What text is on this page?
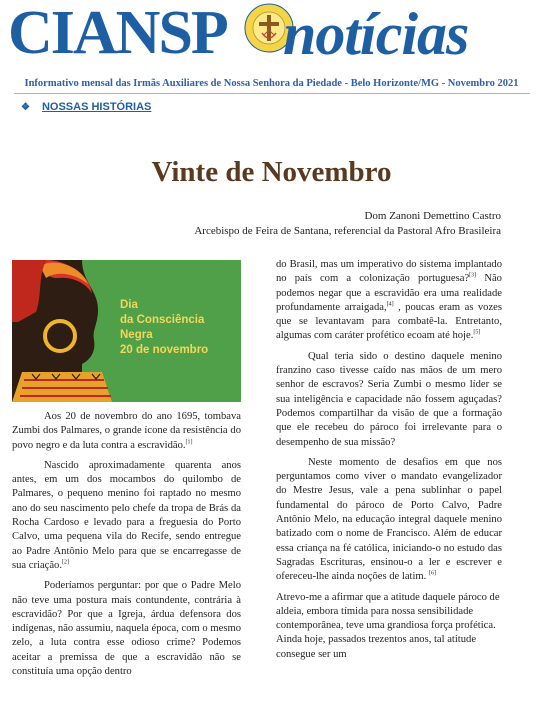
CIANSP notícias
Informativo mensal das Irmãs Auxiliares de Nossa Senhora da Piedade - Belo Horizonte/MG - Novembro 2021
❖ NOSSAS HISTÓRIAS
Vinte de Novembro
Dom Zanoni Demettino Castro
Arcebispo de Feira de Santana, referencial da Pastoral Afro Brasileira
Dia
da Consciência
Negra
20 de novembro

Aos 20 de novembro do ano 1695, tombava Zumbi dos Palmares, o grande ícone da resistência do povo negro e da luta contra a escravidão.[1]

Nascido aproximadamente quarenta anos antes, em um dos mocambos do quilombo de Palmares, o pequeno menino foi raptado no mesmo ano do seu nascimento pelo chefe da tropa de Brás da Rocha Cardoso e levado para a freguesia do Porto Calvo, uma pequena vila do Recife, sendo entregue ao Padre Antônio Melo para que se encarregasse de sua criação.[2]

Poderíamos perguntar: por que o Padre Melo não teve uma postura mais contundente, contrária à escravidão? Por que a Igreja, árdua defensora dos indígenas, não assumiu, naquela época, com o mesmo zelo, a luta contra esse odioso crime? Podemos aceitar a premissa de que a escravidão não se constituía uma opção dentro

do Brasil, mas um imperativo do sistema implantado no país com a colonização portuguesa?[3] Não podemos negar que a escravidão era uma realidade profundamente arraigada,[4] , poucas eram as vozes que se levantavam para combatê-la. Entretanto, algumas com caráter profético ecoam até hoje.[5]

Qual teria sido o destino daquele menino franzino caso tivesse caído nas mãos de um mero senhor de escravos? Seria Zumbi o mesmo líder se sua inteligência e capacidade não fossem aguçadas? Podemos compartilhar da visão de que a formação que ele recebeu do pároco foi irrelevante para o desempenho de sua missão?

Neste momento de desafios em que nos perguntamos como viver o mandato evangelizador do Mestre Jesus, vale a pena sublinhar o papel fundamental do pároco de Porto Calvo, Padre Antônio Melo, na educação integral daquele menino batizado com o nome de Francisco. Além de educar essa criança na fé católica, iniciando-o no estudo das Sagradas Escrituras, ensinou-o a ler e escrever e ofereceu-lhe ainda noções de latim. [6]

Atrevo-me a afirmar que a atitude daquele pároco de aldeia, embora tímida para nossa sensibilidade contemporânea, teve uma grandiosa força profética. Ainda hoje, passados trezentos anos, tal atitude consegue ser um
